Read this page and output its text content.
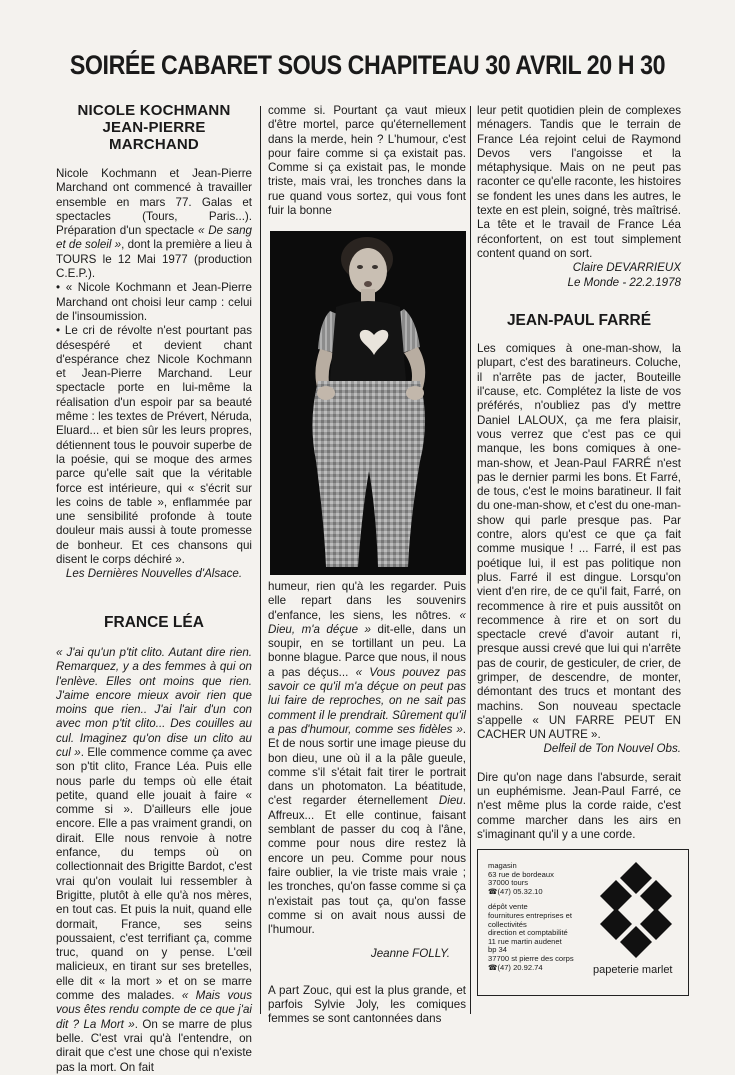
SOIRÉE CABARET SOUS CHAPITEAU 30 AVRIL 20 H 30
NICOLE KOCHMANN
JEAN-PIERRE MARCHAND

Nicole Kochmann et Jean-Pierre Marchand ont commencé à travailler ensemble en mars 77. Galas et spectacles (Tours, Paris...). Préparation d'un spectacle « De sang et de soleil », dont la première a lieu à TOURS le 12 Mai 1977 (production C.E.P.).

• « Nicole Kochmann et Jean-Pierre Marchand ont choisi leur camp : celui de l'insoumission.

• Le cri de révolte n'est pourtant pas désespéré et devient chant d'espérance chez Nicole Kochmann et Jean-Pierre Marchand. Leur spectacle porte en lui-même la réalisation d'un espoir par sa beauté même : les textes de Prévert, Néruda, Eluard... et bien sûr les leurs propres, détiennent tous le pouvoir superbe de la poésie, qui se moque des armes parce qu'elle sait que la véritable force est intérieure, qui « s'écrit sur les coins de table », enflammée par une sensibilité profonde à toute douleur mais aussi à toute promesse de bonheur. Et ces chansons qui disent le corps déchiré ».

Les Dernières Nouvelles d'Alsace.

FRANCE LÉA

« J'ai qu'un p'tit clito. Autant dire rien. Remarquez, y a des femmes à qui on l'enlève. Elles ont moins que rien. J'aime encore mieux avoir rien que moins que rien.. J'ai l'air d'un con avec mon p'tit clito... Des couilles au cul. Imaginez qu'on dise un clito au cul ». Elle commence comme ça avec son p'tit clito, France Léa. Puis elle nous parle du temps où elle était petite, quand elle jouait à faire « comme si ». D'ailleurs elle joue encore. Elle a pas vraiment grandi, on dirait. Elle nous renvoie à notre enfance, du temps où on collectionnait des Brigitte Bardot, c'est vrai qu'on voulait lui ressembler à Brigitte, plutôt à elle qu'à nos mères, en tout cas. Et puis la nuit, quand elle dormait, France, ses seins poussaient, c'est terrifiant ça, comme truc, quand on y pense. L'œil malicieux, en tirant sur ses bretelles, elle dit « la mort » et on se marre comme des malades. « Mais vous vous êtes rendu compte de ce que j'ai dit ? La Mort ». On se marre de plus belle. C'est vrai qu'à l'entendre, on dirait que c'est une chose qui n'existe pas la mort. On fait

comme si. Pourtant ça vaut mieux d'être mortel, parce qu'éternellement dans la merde, hein ? L'humour, c'est pour faire comme si ça existait pas. Comme si ça existait pas, le monde triste, mais vrai, les tronches dans la rue quand vous sortez, qui vous font fuir la bonne

humeur, rien qu'à les regarder. Puis elle repart dans les souvenirs d'enfance, les siens, les nôtres. « Dieu, m'a déçue » dit-elle, dans un soupir, en se tortillant un peu. La bonne blague. Parce que nous, il nous a pas déçus... « Vous pouvez pas savoir ce qu'il m'a déçue on peut pas lui faire de reproches, on ne sait pas comment il le prendrait. Sûrement qu'il a pas d'humour, comme ses fidèles ». Et de nous sortir une image pieuse du bon dieu, une où il a la pâle gueule, comme s'il s'était fait tirer le portrait dans un photomaton. La béatitude, c'est regarder éternellement Dieu. Affreux... Et elle continue, faisant semblant de passer du coq à l'âne, comme pour nous dire restez là encore un peu. Comme pour nous faire oublier, la vie triste mais vraie ; les tronches, qu'on fasse comme si ça n'existait pas tout ça, qu'on fasse comme si on avait nous aussi de l'humour.

Jeanne FOLLY.

A part Zouc, qui est la plus grande, et parfois Sylvie Joly, les comiques femmes se sont cantonnées dans

leur petit quotidien plein de complexes ménagers. Tandis que le terrain de France Léa rejoint celui de Raymond Devos vers l'angoisse et la métaphysique. Mais on ne peut pas raconter ce qu'elle raconte, les histoires se fondent les unes dans les autres, le texte en est plein, soigné, très maîtrisé. La tête et le travail de France Léa réconfortent, on est tout simplement content quand on sort.

Claire DEVARRIEUX

Le Monde - 22.2.1978

JEAN-PAUL FARRÉ

Les comiques à one-man-show, la plupart, c'est des baratineurs. Coluche, il n'arrête pas de jacter, Bouteille il'cause, etc. Complétez la liste de vos préférés, n'oubliez pas d'y mettre Daniel LALOUX, ça me fera plaisir, vous verrez que c'est pas ce qui manque, les bons comiques à one-man-show, et Jean-Paul FARRÉ n'est pas le dernier parmi les bons. Et Farré, de tous, c'est le moins baratineur. Il fait du one-man-show, et c'est du one-man-show qui parle presque pas. Par contre, alors qu'est ce que ça fait comme musique ! ... Farré, il est pas poétique lui, il est pas politique non plus. Farré il est dingue. Lorsqu'on vient d'en rire, de ce qu'il fait, Farré, on recommence à rire et puis aussitôt on recommence à rire et on sort du spectacle crevé d'avoir autant ri, presque aussi crevé que lui qui n'arrête pas de courir, de gesticuler, de crier, de grimper, de descendre, de monter, démontant des trucs et montant des machins. Son nouveau spectacle s'appelle « UN FARRE PEUT EN CACHER UN AUTRE ».

Delfeil de Ton Nouvel Obs.

Dire qu'on nage dans l'absurde, serait un euphémisme. Jean-Paul Farré, ce n'est même plus la corde raide, c'est comme marcher dans les airs en s'imaginant qu'il y a une corde.

magasin
63 rue de bordeaux
37000 tours
☎(47) 05.32.10
dépôt vente
fournitures entreprises et
collectivités
direction et comptabilité
11 rue martin audenet
bp 34
37700 st pierre des corps
☎(47) 20.92.74	papeterie marlet
